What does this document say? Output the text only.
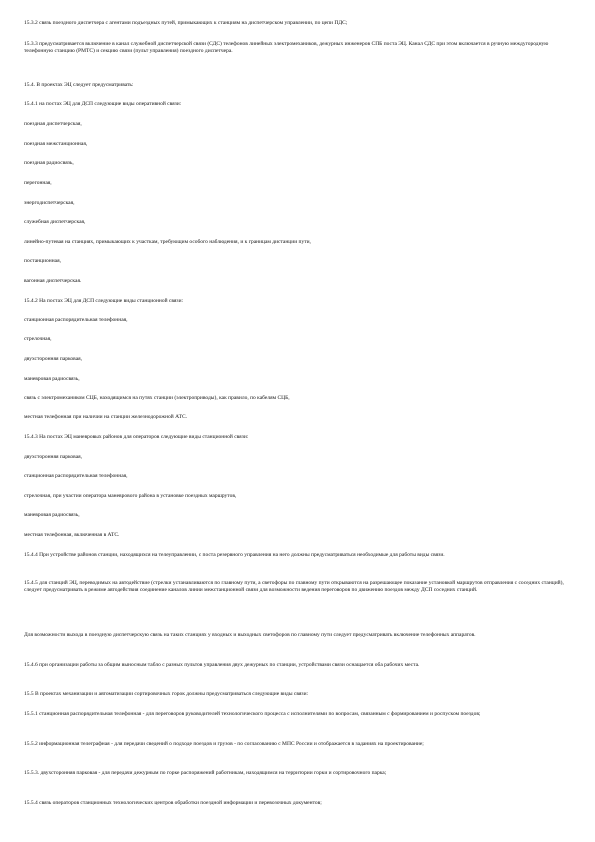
15.3.2 связь поездного диспетчера с агентами подъездных путей, примыкающих к станциям на диспетчерском управлении, по цепи ПДС;

15.3.3 предусматривается включение в канал служебной диспетчерской связи (СДС) телефонов линейных электромехаников, дежурных инженеров СПБ поста ЭЦ. Канал СДС при этом включается в ручную междугородную телефонную станцию (РМТС) и секцию связи (пульт управления) поездного диспетчера.

15.4. В проектах ЭЦ следует предусматривать:

15.4.1 на постах ЭЦ для ДСП следующие виды оперативной связи:

поездная диспетчерская,

поездная межстанционная,

поездная радиосвязь,

перегонная,

энергодиспетчерская,

служебная диспетчерская,

линейно-путевая на станциях, примыкающих к участкам, требующим особого наблюдения, и к границам дистанции пути,

постанционная,

вагонная диспетчерская.

15.4.2 На постах ЭЦ для ДСП следующие виды станционной связи:

станционная распорядительная телефонная,

стрелочная,

двухсторонняя парковая,

маневровая радиосвязь,

связь с электромехаником СЦБ, находящимся на путях станции (электроприводы), как правило, по кабелям СЦБ,

местная телефонная при наличии на станции железнодорожной АТС.

15.4.3 На постах ЭЦ маневровых районов для операторов следующие виды станционной связи:

двухсторонняя парковая,

станционная распорядительная телефонная,

стрелочная, при участии оператора маневрового района в установке поездных маршрутов,

маневровая радиосвязь,

местная телефонная, включенная в АТС.

15.4.4 При устройстве районов станции, находящихся на телеуправлении, с поста резервного управления на него должны предусматриваться необходимые для работы виды связи.

15.4.5 для станций ЭЦ, переводимых на автодействие (стрелки устанавливаются по главному пути, а светофоры по главному пути открываются на разрешающее показание установкой маршрутов отправления с соседних станций), следует предусматривать в режиме автодействия соединение каналов линии межстанционной связи для возможности ведения переговоров по движению поездов между ДСП соседних станций.

Для возможности выхода в поездную диспетчерскую связь на таких станциях у входных и выходных светофоров по главному пути следует предусматривать включение телефонных аппаратов.

15.4.6 при организации работы за общим выносным табло с разных пультов управления двух дежурных по станции, устройствами связи оснащается оба рабочих места.

15.5 В проектах механизации и автоматизации сортировочных горок должны предусматриваться следующие виды связи:

15.5.1 станционная распорядительная телефонная - для переговоров руководителей технологического процесса с исполнителями по вопросам, связанным с формированием и роспуском поездов;

15.5.2 информационная телеграфная - для передачи сведений о подходе поездов и грузов - по согласованию с МПС России и отображается в заданиях на проектирование;

15.5.3. двухсторонняя парковая - для передачи дежурным по горке распоряжений работникам, находящимся на территории горки и сортировочного парка;

15.5.4 связь операторов станционных технологических центров обработки поездной информации и перевозочных документов;
